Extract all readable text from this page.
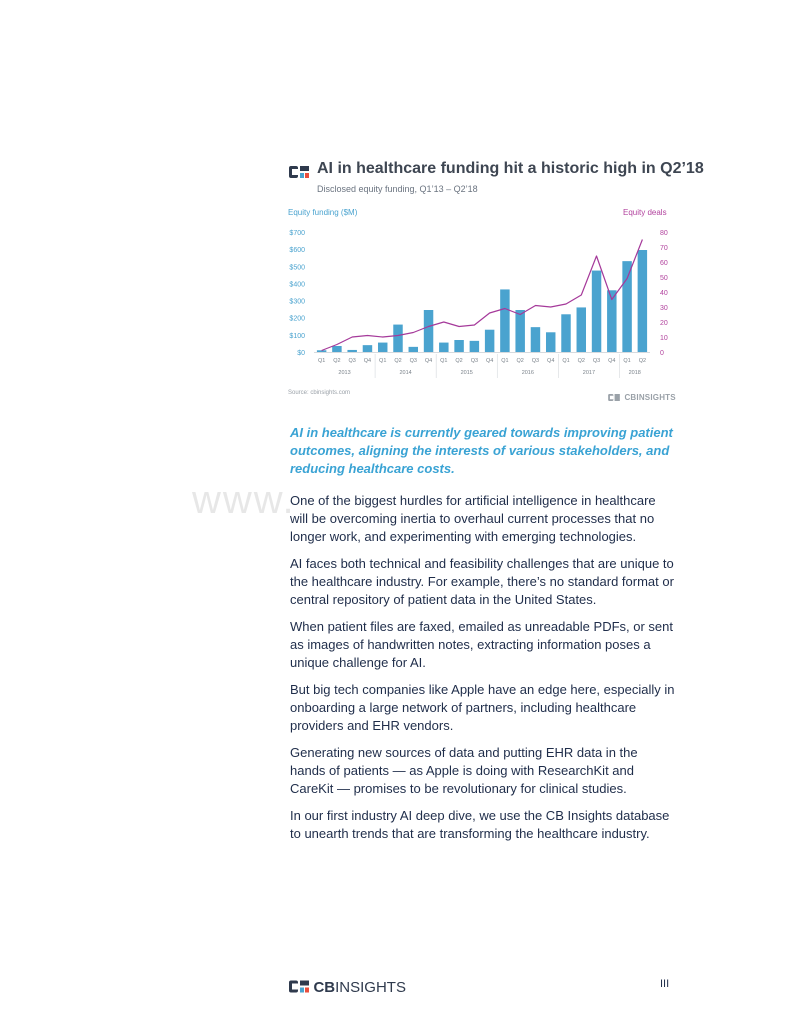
AI in healthcare funding hit a historic high in Q2’18
Disclosed equity funding, Q1’13 – Q2’18
Equity funding ($M)	Equity deals
$0
$100
$200
$300
$400
$500
$600
$700
0
10
20
30
40
50
60
70
80
Q1 Q2 Q3 Q4 Q1 Q2 Q3 Q4 Q1 Q2 Q3 Q4 Q1 Q2 Q3 Q4 Q1 Q2 Q3 Q4 Q1 Q2
2013	2014	2015	2016	2017	2018
Source: cbinsights.com	CBINSIGHTS

AI in healthcare is currently geared towards improving patient outcomes, aligning the interests of various stakeholders, and reducing healthcare costs.

One of the biggest hurdles for artificial intelligence in healthcare will be overcoming inertia to overhaul current processes that no longer work, and experimenting with emerging technologies.

AI faces both technical and feasibility challenges that are unique to the healthcare industry. For example, there’s no standard format or central repository of patient data in the United States.

When patient files are faxed, emailed as unreadable PDFs, or sent as images of handwritten notes, extracting information poses a unique challenge for AI.

But big tech companies like Apple have an edge here, especially in onboarding a large network of partners, including healthcare providers and EHR vendors.

Generating new sources of data and putting EHR data in the hands of patients — as Apple is doing with ResearchKit and CareKit — promises to be revolutionary for clinical studies.

In our first industry AI deep dive, we use the CB Insights database to unearth trends that are transforming the healthcare industry.

www.
CBINSIGHTS	III
